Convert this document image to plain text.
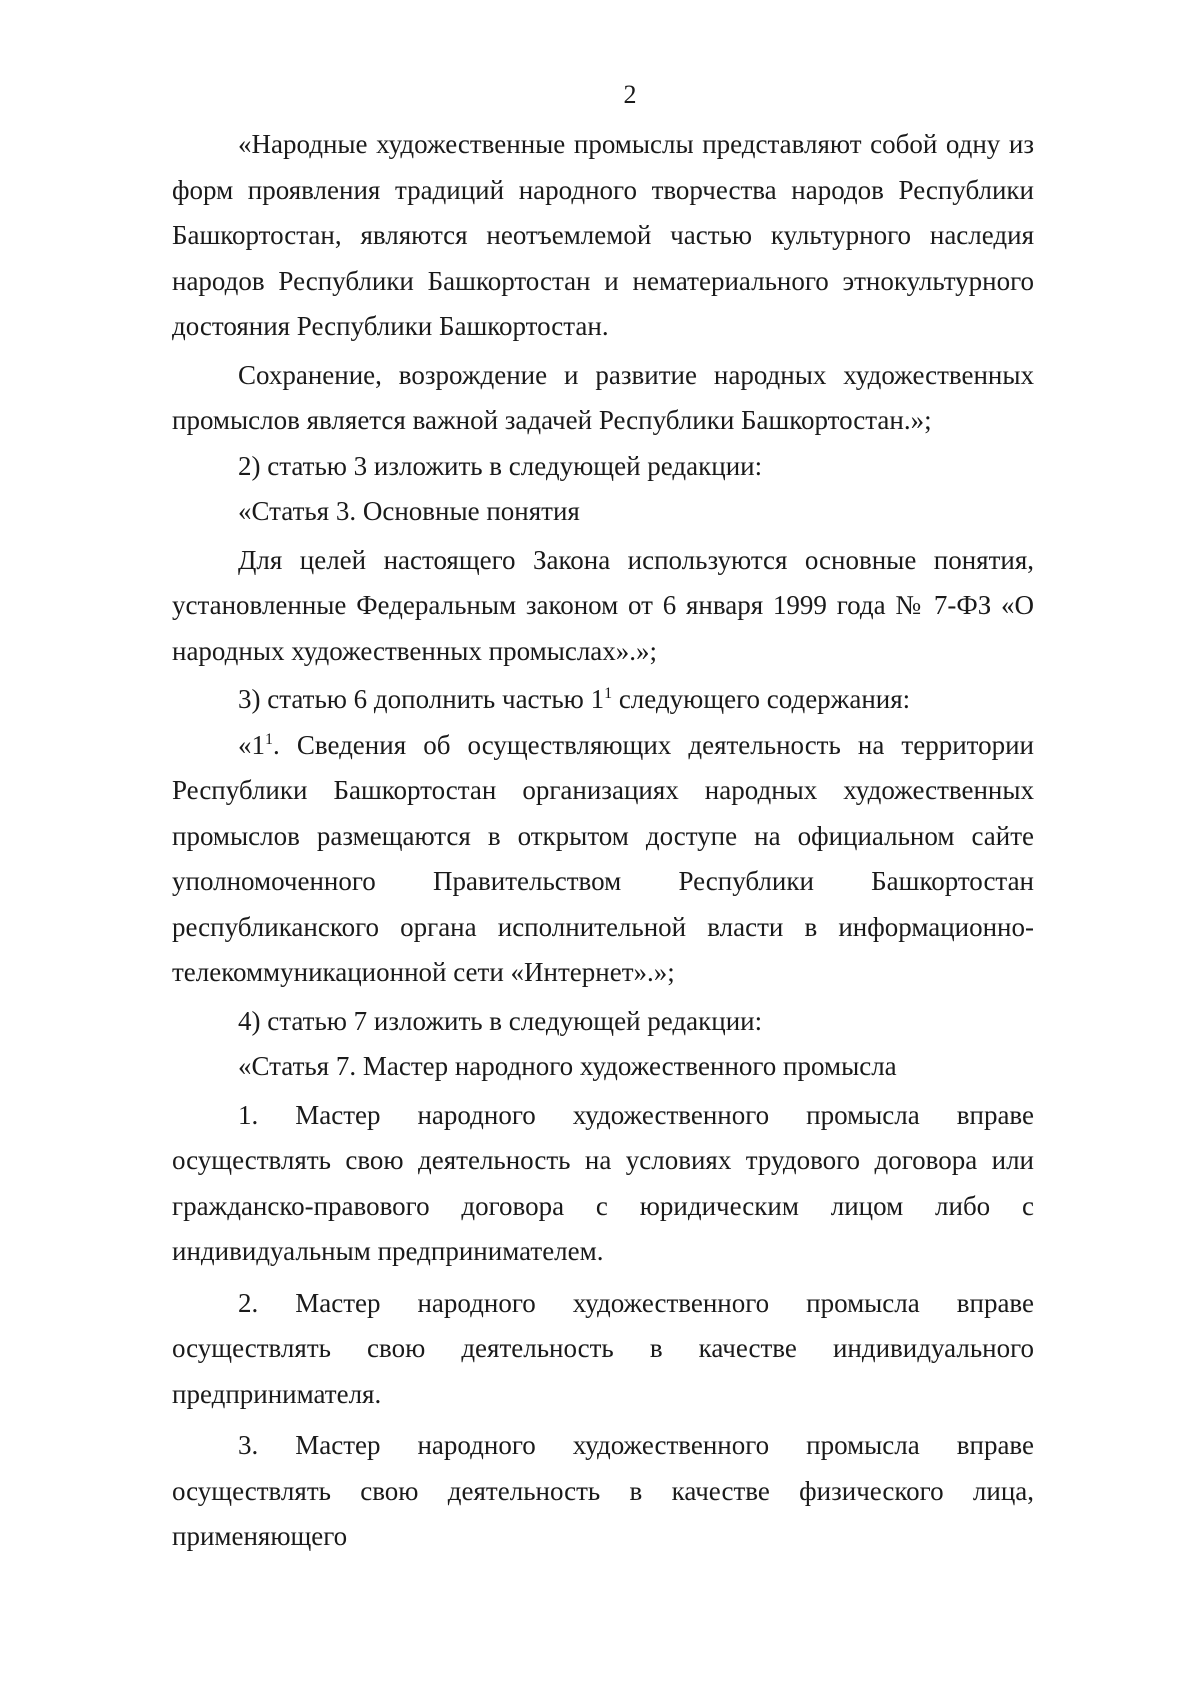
2

«Народные художественные промыслы представляют собой одну из форм проявления традиций народного творчества народов Республики Башкортостан, являются неотъемлемой частью культурного наследия народов Республики Башкортостан и нематериального этнокультурного достояния Республики Башкортостан.

Сохранение, возрождение и развитие народных художественных промыслов является важной задачей Республики Башкортостан.»;

2) статью 3 изложить в следующей редакции:

«Статья 3. Основные понятия

Для целей настоящего Закона используются основные понятия, установленные Федеральным законом от 6 января 1999 года № 7-ФЗ «О народных художественных промыслах».»;

3) статью 6 дополнить частью $1^1$ следующего содержания:

«$1^1$. Сведения об осуществляющих деятельность на территории Республики Башкортостан организациях народных художественных промыслов размещаются в открытом доступе на официальном сайте уполномоченного Правительством Республики Башкортостан республиканского органа исполнительной власти в информационно-телекоммуникационной сети «Интернет».»;

4) статью 7 изложить в следующей редакции:

«Статья 7. Мастер народного художественного промысла

1. Мастер народного художественного промысла вправе осуществлять свою деятельность на условиях трудового договора или гражданско-правового договора с юридическим лицом либо с индивидуальным предпринимателем.

2. Мастер народного художественного промысла вправе осуществлять свою деятельность в качестве индивидуального предпринимателя.

3. Мастер народного художественного промысла вправе осуществлять свою деятельность в качестве физического лица, применяющего
